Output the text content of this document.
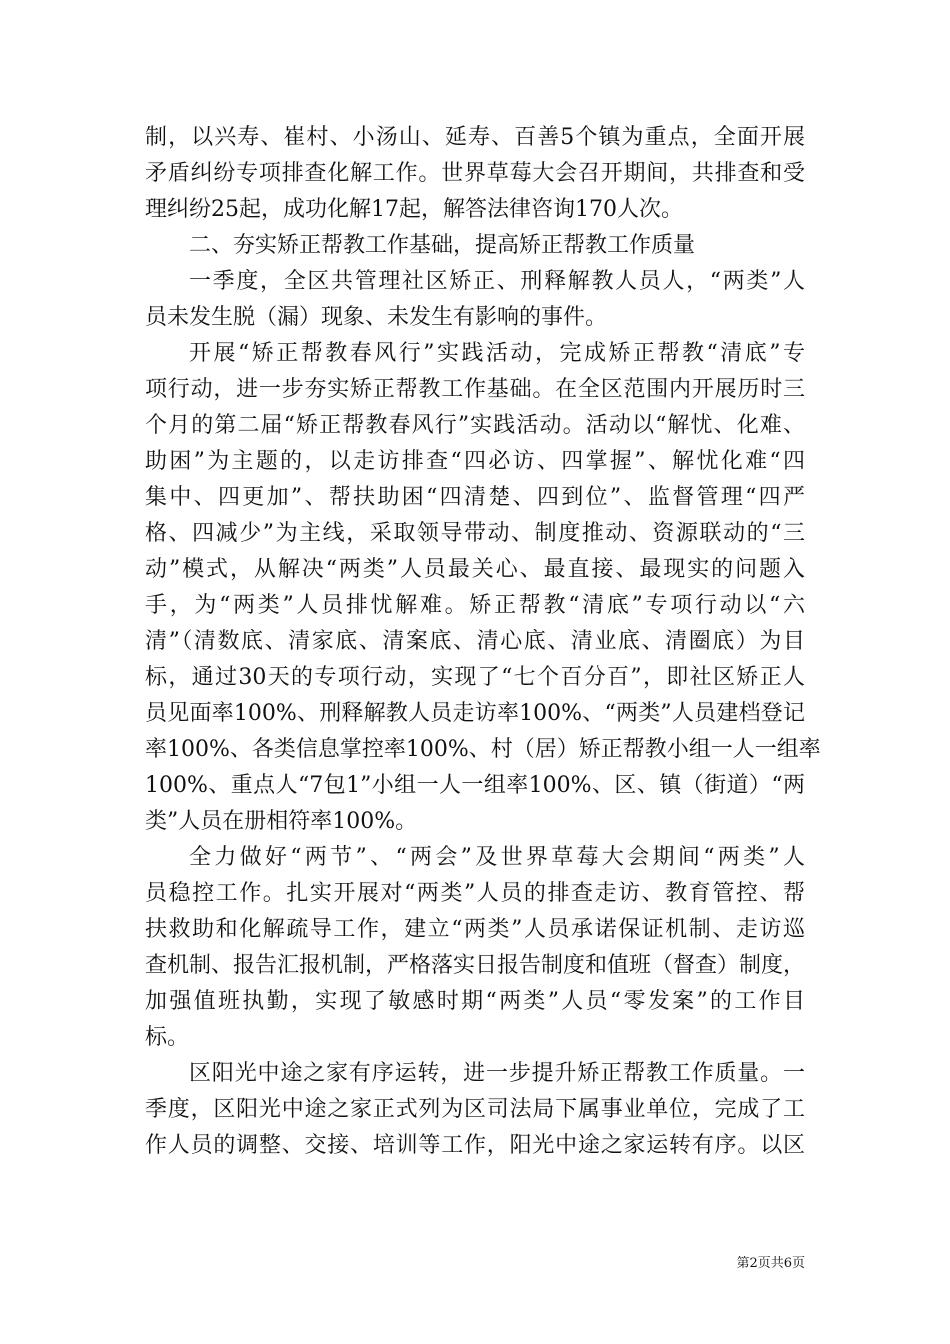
制，以兴寿、崔村、小汤山、延寿、百善5个镇为重点，全面开展
矛盾纠纷专项排查化解工作。世界草莓大会召开期间，共排查和受
理纠纷25起，成功化解17起，解答法律咨询170人次。
二、夯实矫正帮教工作基础，提高矫正帮教工作质量
一季度，全区共管理社区矫正、刑释解教人员人，“两类”人
员未发生脱（漏）现象、未发生有影响的事件。
开展“矫正帮教春风行”实践活动，完成矫正帮教“清底”专
项行动，进一步夯实矫正帮教工作基础。在全区范围内开展历时三
个月的第二届“矫正帮教春风行”实践活动。活动以“解忧、化难、
助困”为主题的，以走访排查“四必访、四掌握”、解忧化难“四
集中、四更加”、帮扶助困“四清楚、四到位”、监督管理“四严
格、四减少”为主线，采取领导带动、制度推动、资源联动的“三
动”模式，从解决“两类”人员最关心、最直接、最现实的问题入
手，为“两类”人员排忧解难。矫正帮教“清底”专项行动以“六
清”（清数底、清家底、清案底、清心底、清业底、清圈底）为目
标，通过30天的专项行动，实现了“七个百分百”，即社区矫正人
员见面率100%、刑释解教人员走访率100%、“两类”人员建档登记
率100%、各类信息掌控率100%、村（居）矫正帮教小组一人一组率
100%、重点人“7包1”小组一人一组率100%、区、镇（街道）“两
类”人员在册相符率100%。
全力做好“两节”、“两会”及世界草莓大会期间“两类”人
员稳控工作。扎实开展对“两类”人员的排查走访、教育管控、帮
扶救助和化解疏导工作，建立“两类”人员承诺保证机制、走访巡
查机制、报告汇报机制，严格落实日报告制度和值班（督查）制度，
加强值班执勤，实现了敏感时期“两类”人员“零发案”的工作目
标。
区阳光中途之家有序运转，进一步提升矫正帮教工作质量。一
季度，区阳光中途之家正式列为区司法局下属事业单位，完成了工
作人员的调整、交接、培训等工作，阳光中途之家运转有序。以区
第2页共6页
